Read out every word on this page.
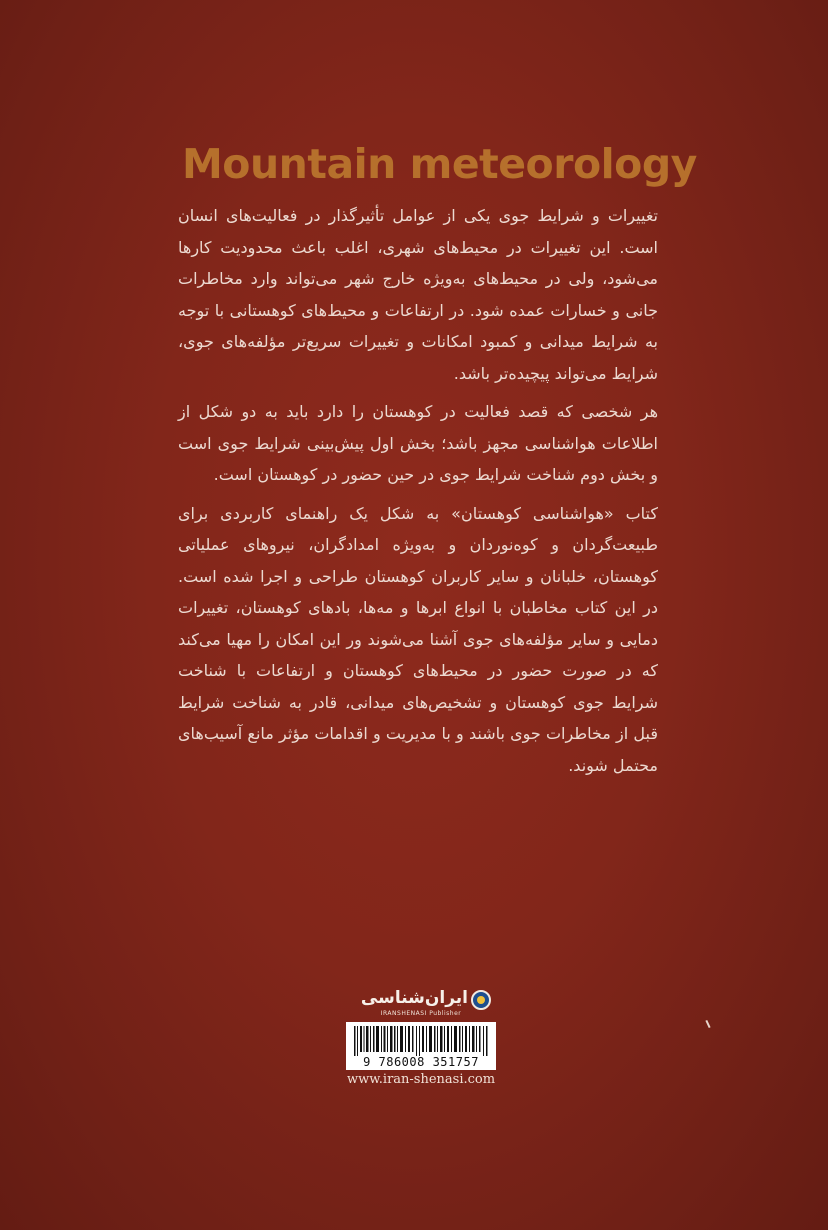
Mountain meteorology

تغییرات و شرایط جوی یکی از عوامل تأثیرگذار در فعالیت‌های انسان است. این تغییرات در محیط‌های شهری، اغلب باعث محدودیت کارها می‌شود، ولی در محیط‌های به‌ویژه خارج شهر می‌تواند وارد مخاطرات جانی و خسارات عمده شود. در ارتفاعات و محیط‌های کوهستانی با توجه به شرایط میدانی و کمبود امکانات و تغییرات سریع‌تر مؤلفه‌های جوی، شرایط می‌تواند پیچیده‌تر باشد.

هر شخصی که قصد فعالیت در کوهستان را دارد باید به دو شکل از اطلاعات هواشناسی مجهز باشد؛ بخش اول پیش‌بینی شرایط جوی است و بخش دوم شناخت شرایط جوی در حین حضور در کوهستان است.

کتاب «هواشناسی کوهستان» به شکل یک راهنمای کاربردی برای طبیعت‌گردان و کوه‌نوردان و به‌ویژه امدادگران، نیروهای عملیاتی کوهستان، خلبانان و سایر کاربران کوهستان طراحی و اجرا شده است. در این کتاب مخاطبان با انواع ابرها و مه‌ها، بادهای کوهستان، تغییرات دمایی و سایر مؤلفه‌های جوی آشنا می‌شوند ور این امکان را مهیا می‌کند که در صورت حضور در محیط‌های کوهستان و ارتفاعات با شناخت شرایط جوی کوهستان و تشخیص‌های میدانی، قادر به شناخت شرایط قبل از مخاطرات جوی باشند و با مدیریت و اقدامات مؤثر مانع آسیب‌های محتمل شوند.

ایران‌شناسی
IRANSHENASI Publisher
9 786008 351757
www.iran-shenasi.com
